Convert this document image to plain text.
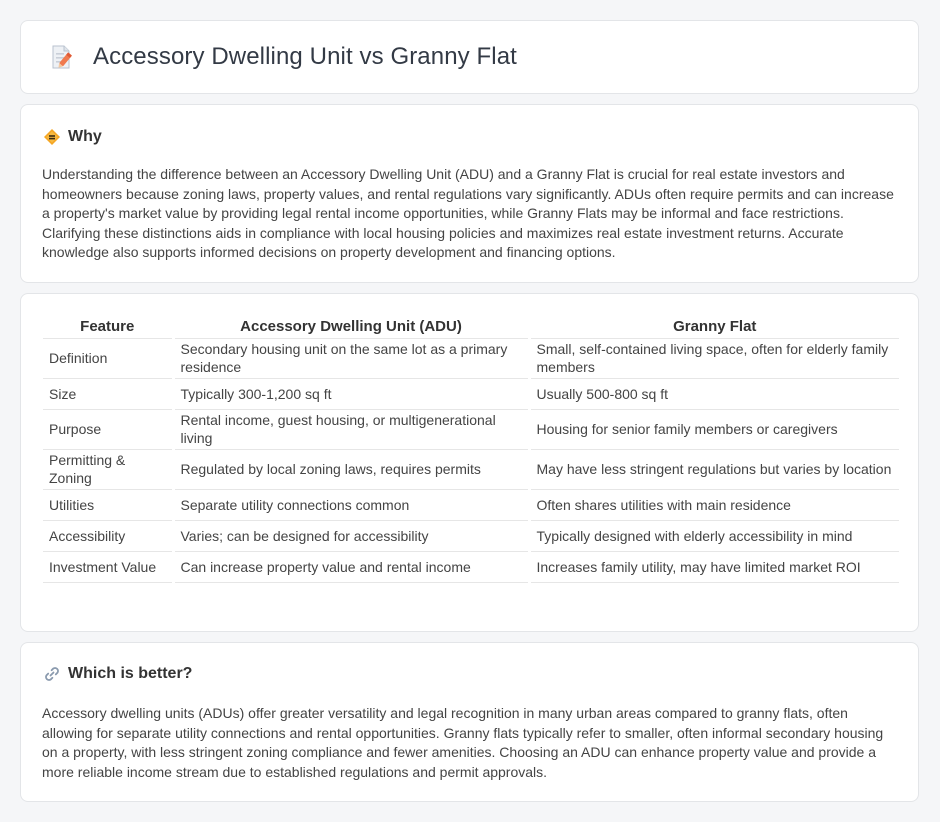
Accessory Dwelling Unit vs Granny Flat
Why

Understanding the difference between an Accessory Dwelling Unit (ADU) and a Granny Flat is crucial for real estate investors and homeowners because zoning laws, property values, and rental regulations vary significantly. ADUs often require permits and can increase a property's market value by providing legal rental income opportunities, while Granny Flats may be informal and face restrictions. Clarifying these distinctions aids in compliance with local housing policies and maximizes real estate investment returns. Accurate knowledge also supports informed decisions on property development and financing options.

Feature	Accessory Dwelling Unit (ADU)	Granny Flat
Definition	Secondary housing unit on the same lot as a primary residence	Small, self-contained living space, often for elderly family members
Size	Typically 300-1,200 sq ft	Usually 500-800 sq ft
Purpose	Rental income, guest housing, or multigenerational living	Housing for senior family members or caregivers
Permitting & Zoning	Regulated by local zoning laws, requires permits	May have less stringent regulations but varies by location
Utilities	Separate utility connections common	Often shares utilities with main residence
Accessibility	Varies; can be designed for accessibility	Typically designed with elderly accessibility in mind
Investment Value	Can increase property value and rental income	Increases family utility, may have limited market ROI
Which is better?

Accessory dwelling units (ADUs) offer greater versatility and legal recognition in many urban areas compared to granny flats, often allowing for separate utility connections and rental opportunities. Granny flats typically refer to smaller, often informal secondary housing on a property, with less stringent zoning compliance and fewer amenities. Choosing an ADU can enhance property value and provide a more reliable income stream due to established regulations and permit approvals.
